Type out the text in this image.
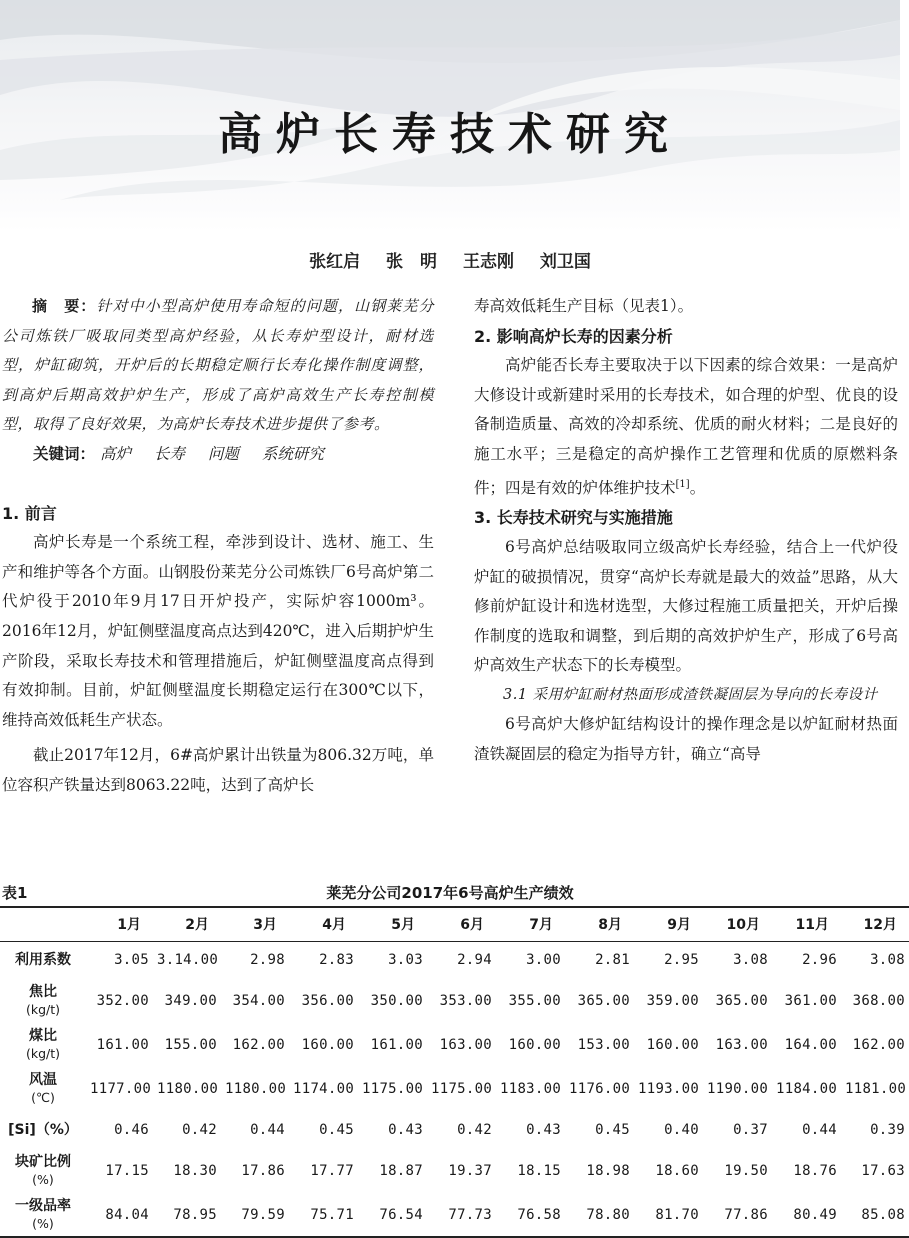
高炉长寿技术研究
张红启 张　明 王志刚 刘卫国

摘　要：针对中小型高炉使用寿命短的问题，山钢莱芜分公司炼铁厂吸取同类型高炉经验，从长寿炉型设计，耐材选型，炉缸砌筑，开炉后的长期稳定顺行长寿化操作制度调整，到高炉后期高效护炉生产，形成了高炉高效生产长寿控制模型，取得了良好效果，为高炉长寿技术进步提供了参考。

关键词： 高炉 长寿 问题 系统研究

1. 前言

高炉长寿是一个系统工程，牵涉到设计、选材、施工、生产和维护等各个方面。山钢股份莱芜分公司炼铁厂6号高炉第二代炉役于2010年9月17日开炉投产，实际炉容1000m³。2016年12月，炉缸侧壁温度高点达到420℃，进入后期护炉生产阶段，采取长寿技术和管理措施后，炉缸侧壁温度高点得到有效抑制。目前，炉缸侧壁温度长期稳定运行在300℃以下，维持高效低耗生产状态。

截止2017年12月，6#高炉累计出铁量为806.32万吨，单位容积产铁量达到8063.22吨，达到了高炉长

寿高效低耗生产目标（见表1）。

2. 影响高炉长寿的因素分析

高炉能否长寿主要取决于以下因素的综合效果：一是高炉大修设计或新建时采用的长寿技术，如合理的炉型、优良的设备制造质量、高效的冷却系统、优质的耐火材料；二是良好的施工水平；三是稳定的高炉操作工艺管理和优质的原燃料条件；四是有效的炉体维护技术[1]。

3. 长寿技术研究与实施措施

6号高炉总结吸取同立级高炉长寿经验，结合上一代炉役炉缸的破损情况，贯穿“高炉长寿就是最大的效益”思路，从大修前炉缸设计和选材选型，大修过程施工质量把关，开炉后操作制度的选取和调整，到后期的高效护炉生产，形成了6号高炉高效生产状态下的长寿模型。

3.1 采用炉缸耐材热面形成渣铁凝固层为导向的长寿设计

6号高炉大修炉缸结构设计的操作理念是以炉缸耐材热面渣铁凝固层的稳定为指导方针，确立“高导

莱芜分公司2017年6号高炉生产绩效
表1
	1月	2月	3月	4月	5月	6月	7月	8月	9月	10月	11月	12月

利用系数	3.05	3.14.00	2.98	2.83	3.03	2.94	3.00	2.81	2.95	3.08	2.96	3.08

焦比
(kg/t)	352.00	349.00	354.00	356.00	350.00	353.00	355.00	365.00	359.00	365.00	361.00	368.00

煤比
(kg/t)	161.00	155.00	162.00	160.00	161.00	163.00	160.00	153.00	160.00	163.00	164.00	162.00

风温
(℃)	1177.00	1180.00	1180.00	1174.00	1175.00	1175.00	1183.00	1176.00	1193.00	1190.00	1184.00	1181.00

[Si]（%）	0.46	0.42	0.44	0.45	0.43	0.42	0.43	0.45	0.40	0.37	0.44	0.39

块矿比例
(%)	17.15	18.30	17.86	17.77	18.87	19.37	18.15	18.98	18.60	19.50	18.76	17.63

一级品率
(%)	84.04	78.95	79.59	75.71	76.54	77.73	76.58	78.80	81.70	77.86	80.49	85.08
